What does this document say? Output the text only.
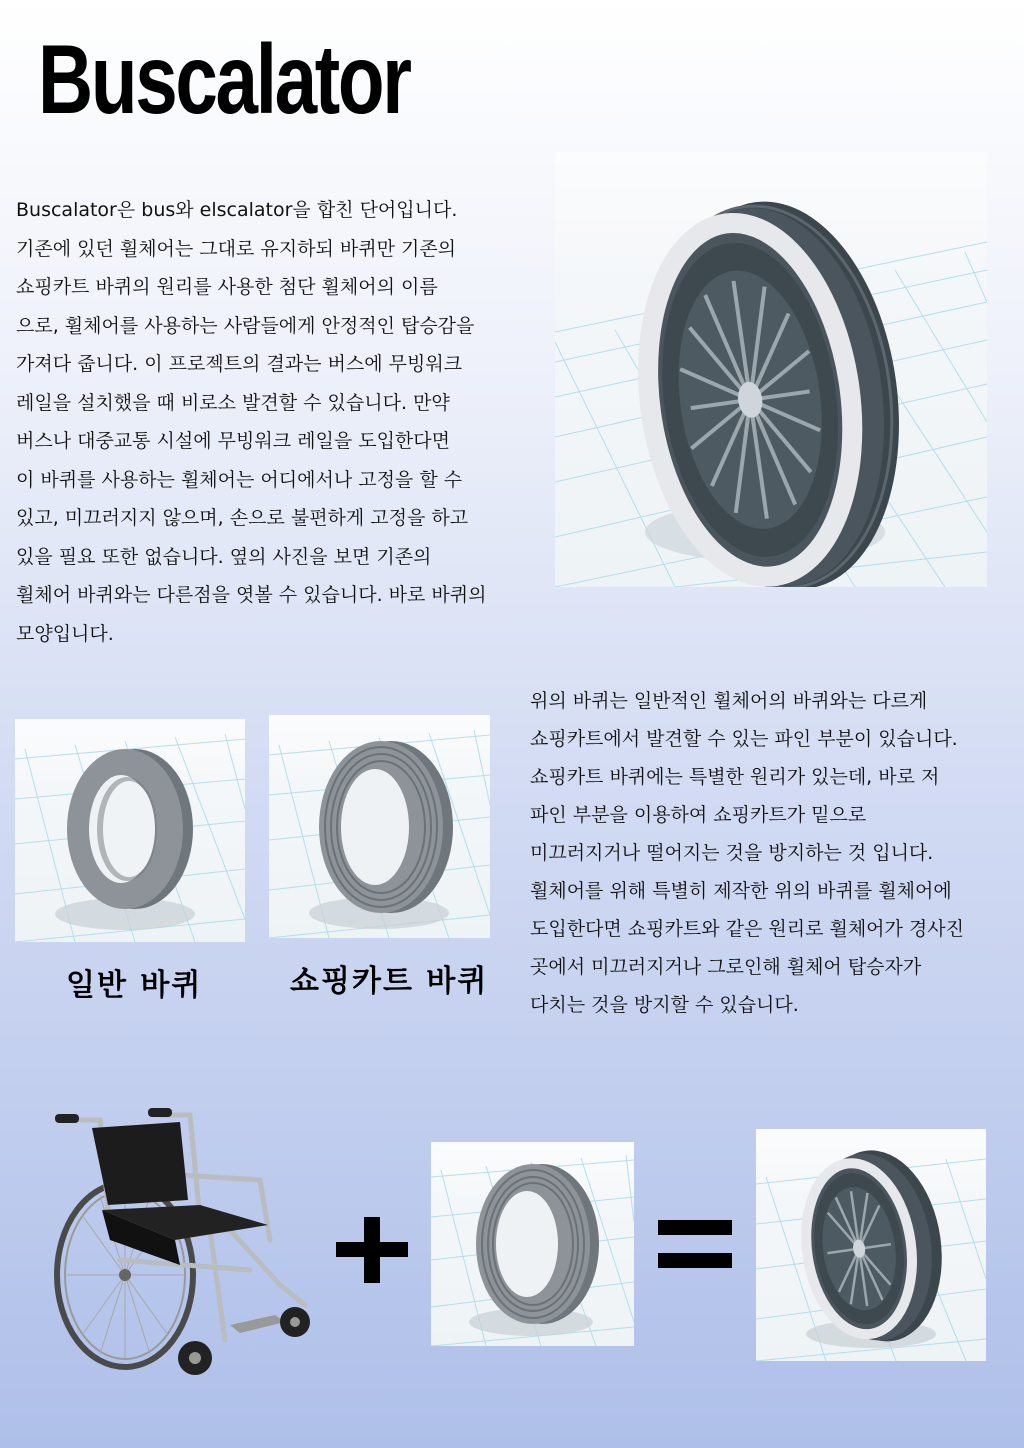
Buscalator
Buscalator은 bus와 elscalator을 합친 단어입니다.
기존에 있던 휠체어는 그대로 유지하되 바퀴만 기존의
쇼핑카트 바퀴의 원리를 사용한 첨단 휠체어의 이름
으로, 휠체어를 사용하는 사람들에게 안정적인 탑승감을
가져다 줍니다. 이 프로젝트의 결과는 버스에 무빙워크
레일을 설치했을 때 비로소 발견할 수 있습니다. 만약
버스나 대중교통 시설에 무빙워크 레일을 도입한다면
이 바퀴를 사용하는 휠체어는 어디에서나 고정을 할 수
있고, 미끄러지지 않으며, 손으로 불편하게 고정을 하고
있을 필요 또한 없습니다. 옆의 사진을 보면 기존의
휠체어 바퀴와는 다른점을 엿볼 수 있습니다. 바로 바퀴의
모양입니다.
일반 바퀴	쇼핑카트 바퀴
위의 바퀴는 일반적인 휠체어의 바퀴와는 다르게
쇼핑카트에서 발견할 수 있는 파인 부분이 있습니다.
쇼핑카트 바퀴에는 특별한 원리가 있는데, 바로 저
파인 부분을 이용하여 쇼핑카트가 밑으로
미끄러지거나 떨어지는 것을 방지하는 것 입니다.
휠체어를 위해 특별히 제작한 위의 바퀴를 휠체어에
도입한다면 쇼핑카트와 같은 원리로 휠체어가 경사진
곳에서 미끄러지거나 그로인해 휠체어 탑승자가
다치는 것을 방지할 수 있습니다.
